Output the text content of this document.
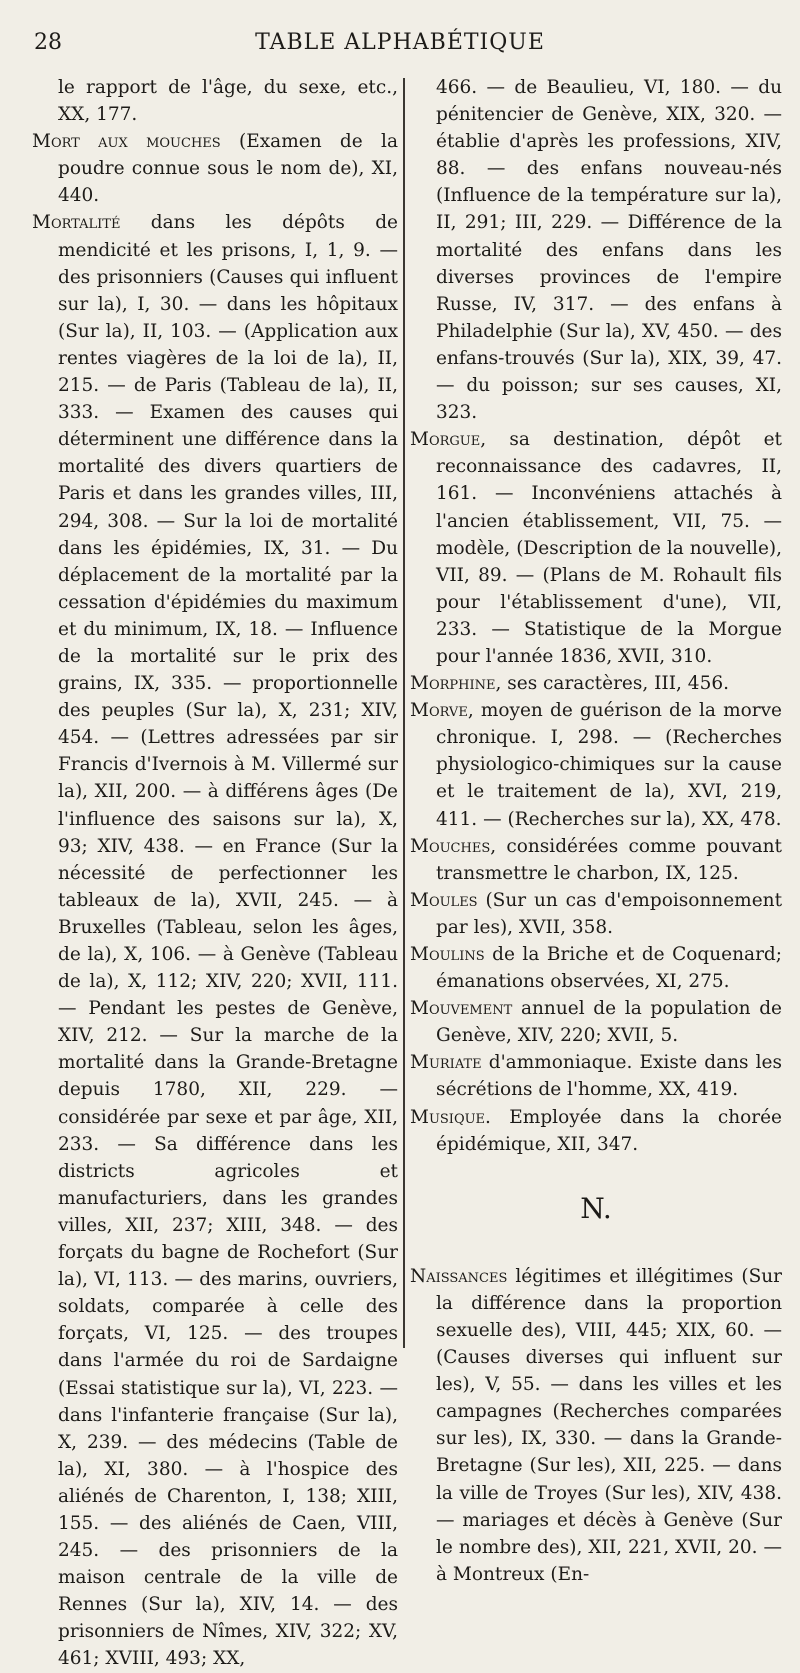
28	TABLE ALPHABÉTIQUE

le rapport de l'âge, du sexe, etc., XX, 177.

Mort aux mouches (Examen de la poudre connue sous le nom de), XI, 440.

Mortalité dans les dépôts de mendicité et les prisons, I, 1, 9. — des prisonniers (Causes qui influent sur la), I, 30. — dans les hôpitaux (Sur la), II, 103. — (Application aux rentes viagères de la loi de la), II, 215. — de Paris (Tableau de la), II, 333. — Examen des causes qui déterminent une différence dans la mortalité des divers quartiers de Paris et dans les grandes villes, III, 294, 308. — Sur la loi de mortalité dans les épidémies, IX, 31. — Du déplacement de la mortalité par la cessation d'épidémies du maximum et du minimum, IX, 18. — Influence de la mortalité sur le prix des grains, IX, 335. — proportionnelle des peuples (Sur la), X, 231; XIV, 454. — (Lettres adressées par sir Francis d'Ivernois à M. Villermé sur la), XII, 200. — à différens âges (De l'influence des saisons sur la), X, 93; XIV, 438. — en France (Sur la nécessité de perfectionner les tableaux de la), XVII, 245. — à Bruxelles (Tableau, selon les âges, de la), X, 106. — à Genève (Tableau de la), X, 112; XIV, 220; XVII, 111. — Pendant les pestes de Genève, XIV, 212. — Sur la marche de la mortalité dans la Grande-Bretagne depuis 1780, XII, 229. — considérée par sexe et par âge, XII, 233. — Sa différence dans les districts agricoles et manufacturiers, dans les grandes villes, XII, 237; XIII, 348. — des forçats du bagne de Rochefort (Sur la), VI, 113. — des marins, ouvriers, soldats, comparée à celle des forçats, VI, 125. — des troupes dans l'armée du roi de Sardaigne (Essai statistique sur la), VI, 223. — dans l'infanterie française (Sur la), X, 239. — des médecins (Table de la), XI, 380. — à l'hospice des aliénés de Charenton, I, 138; XIII, 155. — des aliénés de Caen, VIII, 245. — des prisonniers de la maison centrale de la ville de Rennes (Sur la), XIV, 14. — des prisonniers de Nîmes, XIV, 322; XV, 461; XVIII, 493; XX,

466. — de Beaulieu, VI, 180. — du pénitencier de Genève, XIX, 320. — établie d'après les professions, XIV, 88. — des enfans nouveau-nés (Influence de la température sur la), II, 291; III, 229. — Différence de la mortalité des enfans dans les diverses provinces de l'empire Russe, IV, 317. — des enfans à Philadelphie (Sur la), XV, 450. — des enfans-trouvés (Sur la), XIX, 39, 47. — du poisson; sur ses causes, XI, 323.

Morgue, sa destination, dépôt et reconnaissance des cadavres, II, 161. — Inconvéniens attachés à l'ancien établissement, VII, 75. — modèle, (Description de la nouvelle), VII, 89. — (Plans de M. Rohault fils pour l'établissement d'une), VII, 233. — Statistique de la Morgue pour l'année 1836, XVII, 310.

Morphine, ses caractères, III, 456.

Morve, moyen de guérison de la morve chronique. I, 298. — (Recherches physiologico-chimiques sur la cause et le traitement de la), XVI, 219, 411. — (Recherches sur la), XX, 478.

Mouches, considérées comme pouvant transmettre le charbon, IX, 125.

Moules (Sur un cas d'empoisonnement par les), XVII, 358.

Moulins de la Briche et de Coquenard; émanations observées, XI, 275.

Mouvement annuel de la population de Genève, XIV, 220; XVII, 5.

Muriate d'ammoniaque. Existe dans les sécrétions de l'homme, XX, 419.

Musique. Employée dans la chorée épidémique, XII, 347.

N.

Naissances légitimes et illégitimes (Sur la différence dans la proportion sexuelle des), VIII, 445; XIX, 60. — (Causes diverses qui influent sur les), V, 55. — dans les villes et les campagnes (Recherches comparées sur les), IX, 330. — dans la Grande-Bretagne (Sur les), XII, 225. — dans la ville de Troyes (Sur les), XIV, 438. — mariages et décès à Genève (Sur le nombre des), XII, 221, XVII, 20. — à Montreux (En-
